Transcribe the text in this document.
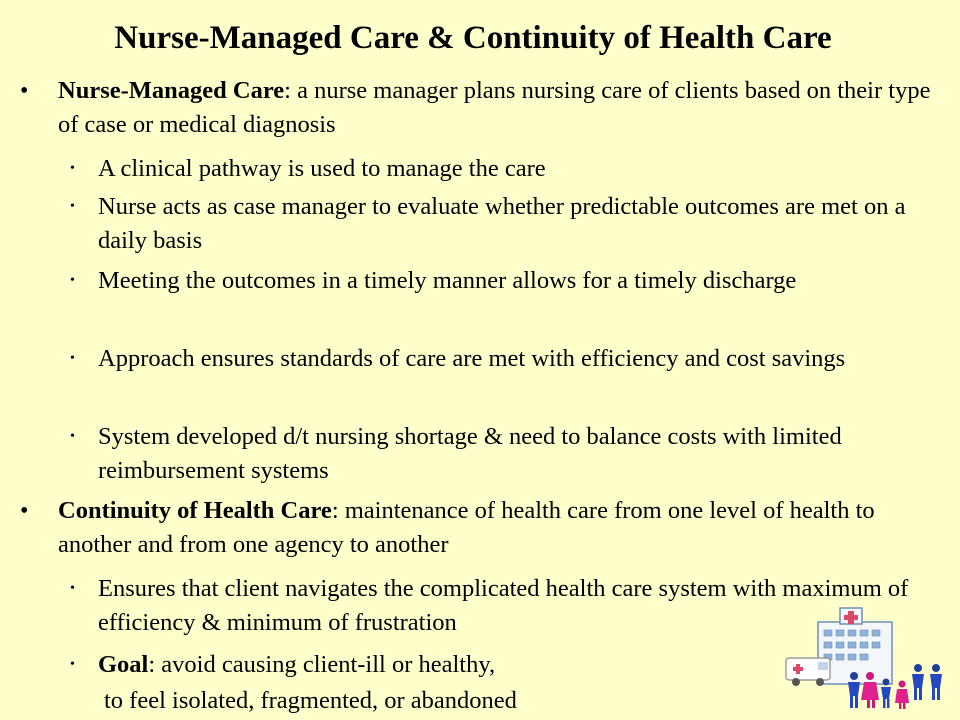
Nurse-Managed Care & Continuity of Health Care
• Nurse-Managed Care: a nurse manager plans nursing care of clients based on their type of case or medical diagnosis
• A clinical pathway is used to manage the care
• Nurse acts as case manager to evaluate whether predictable outcomes are met on a daily basis
• Meeting the outcomes in a timely manner allows for a timely discharge
• Approach ensures standards of care are met with efficiency and cost savings
• System developed d/t nursing shortage & need to balance costs with limited reimbursement systems
• Continuity of Health Care: maintenance of health care from one level of health to another and from one agency to another
• Ensures that client navigates the complicated health care system with maximum of efficiency & minimum of frustration
• Goal: avoid causing client-ill or healthy,
to feel isolated, fragmented, or abandoned
